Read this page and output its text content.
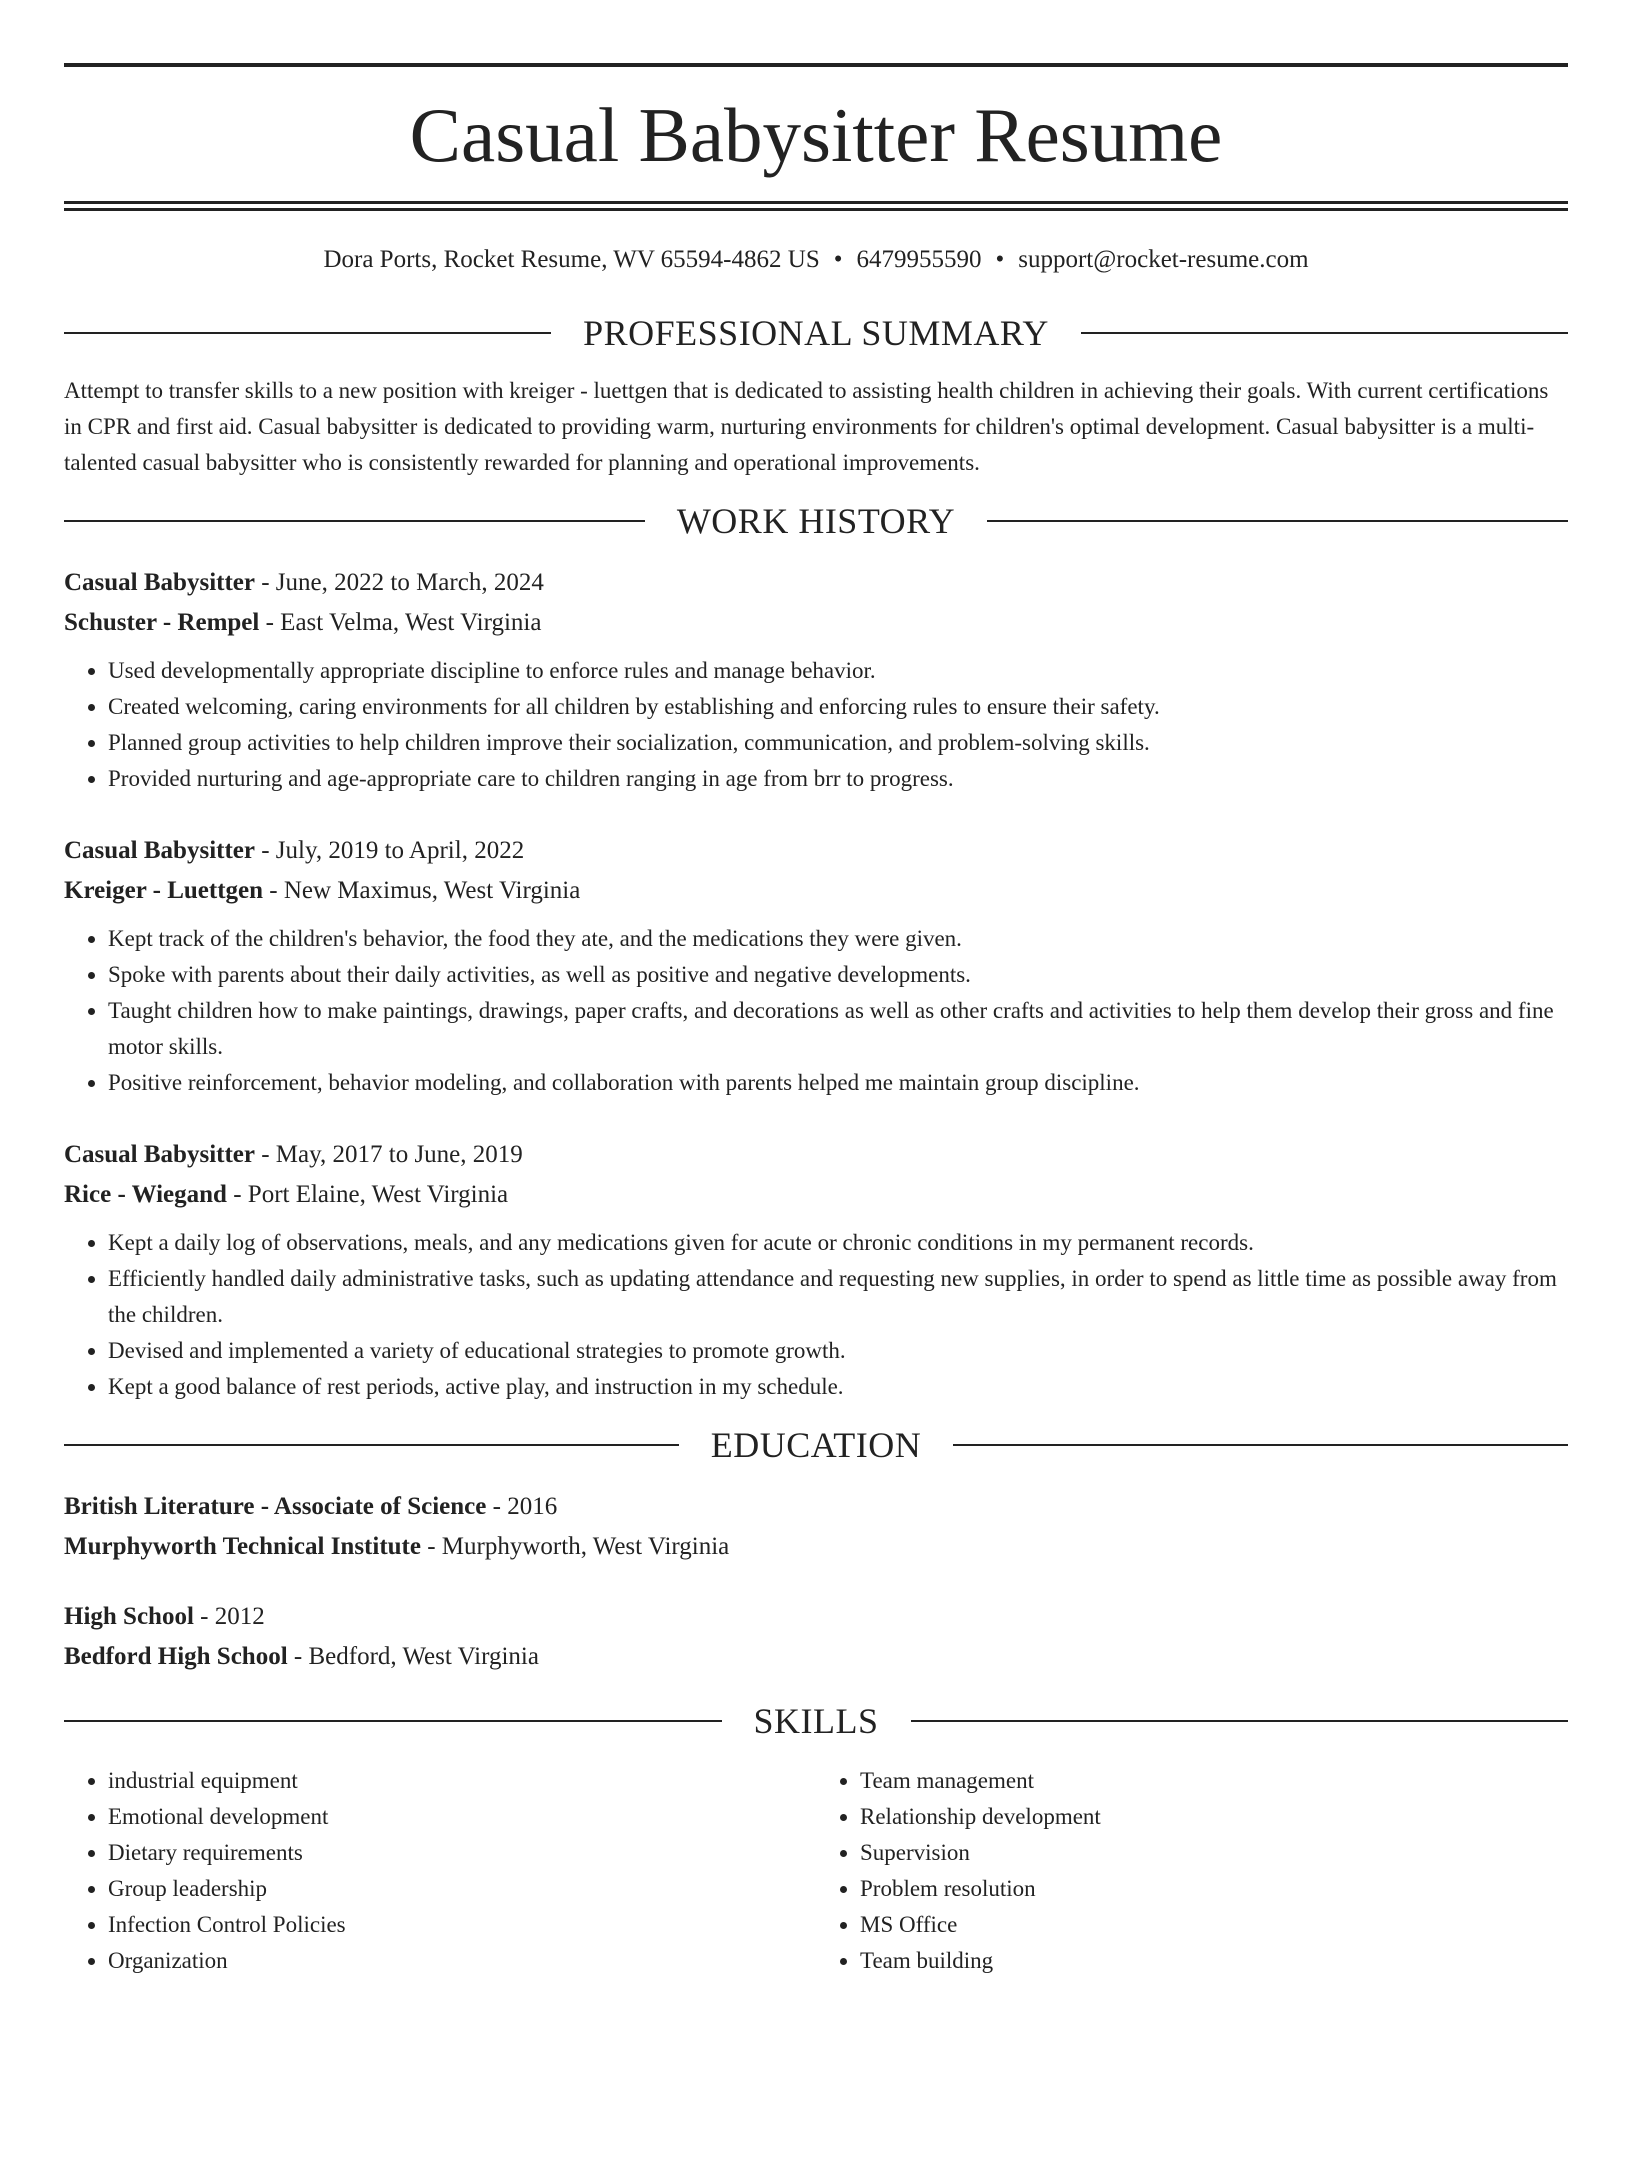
Casual Babysitter Resume
Dora Ports, Rocket Resume, WV 65594-4862 US • 6479955590 • support@rocket-resume.com
PROFESSIONAL SUMMARY

Attempt to transfer skills to a new position with kreiger - luettgen that is dedicated to assisting health children in achieving their goals. With current certifications in CPR and first aid. Casual babysitter is dedicated to providing warm, nurturing environments for children's optimal development. Casual babysitter is a multi-talented casual babysitter who is consistently rewarded for planning and operational improvements.

WORK HISTORY
Casual Babysitter - June, 2022 to March, 2024
Schuster - Rempel - East Velma, West Virginia
• Used developmentally appropriate discipline to enforce rules and manage behavior.
• Created welcoming, caring environments for all children by establishing and enforcing rules to ensure their safety.
• Planned group activities to help children improve their socialization, communication, and problem-solving skills.
• Provided nurturing and age-appropriate care to children ranging in age from brr to progress.
Casual Babysitter - July, 2019 to April, 2022
Kreiger - Luettgen - New Maximus, West Virginia
• Kept track of the children's behavior, the food they ate, and the medications they were given.
• Spoke with parents about their daily activities, as well as positive and negative developments.
• Taught children how to make paintings, drawings, paper crafts, and decorations as well as other crafts and activities to help them develop their gross and fine motor skills.
• Positive reinforcement, behavior modeling, and collaboration with parents helped me maintain group discipline.
Casual Babysitter - May, 2017 to June, 2019
Rice - Wiegand - Port Elaine, West Virginia
• Kept a daily log of observations, meals, and any medications given for acute or chronic conditions in my permanent records.
• Efficiently handled daily administrative tasks, such as updating attendance and requesting new supplies, in order to spend as little time as possible away from the children.
• Devised and implemented a variety of educational strategies to promote growth.
• Kept a good balance of rest periods, active play, and instruction in my schedule.
EDUCATION
British Literature - Associate of Science - 2016
Murphyworth Technical Institute - Murphyworth, West Virginia
High School - 2012
Bedford High School - Bedford, West Virginia
SKILLS
• industrial equipment
• Emotional development
• Dietary requirements
• Group leadership
• Infection Control Policies
• Organization
• Team management
• Relationship development
• Supervision
• Problem resolution
• MS Office
• Team building
